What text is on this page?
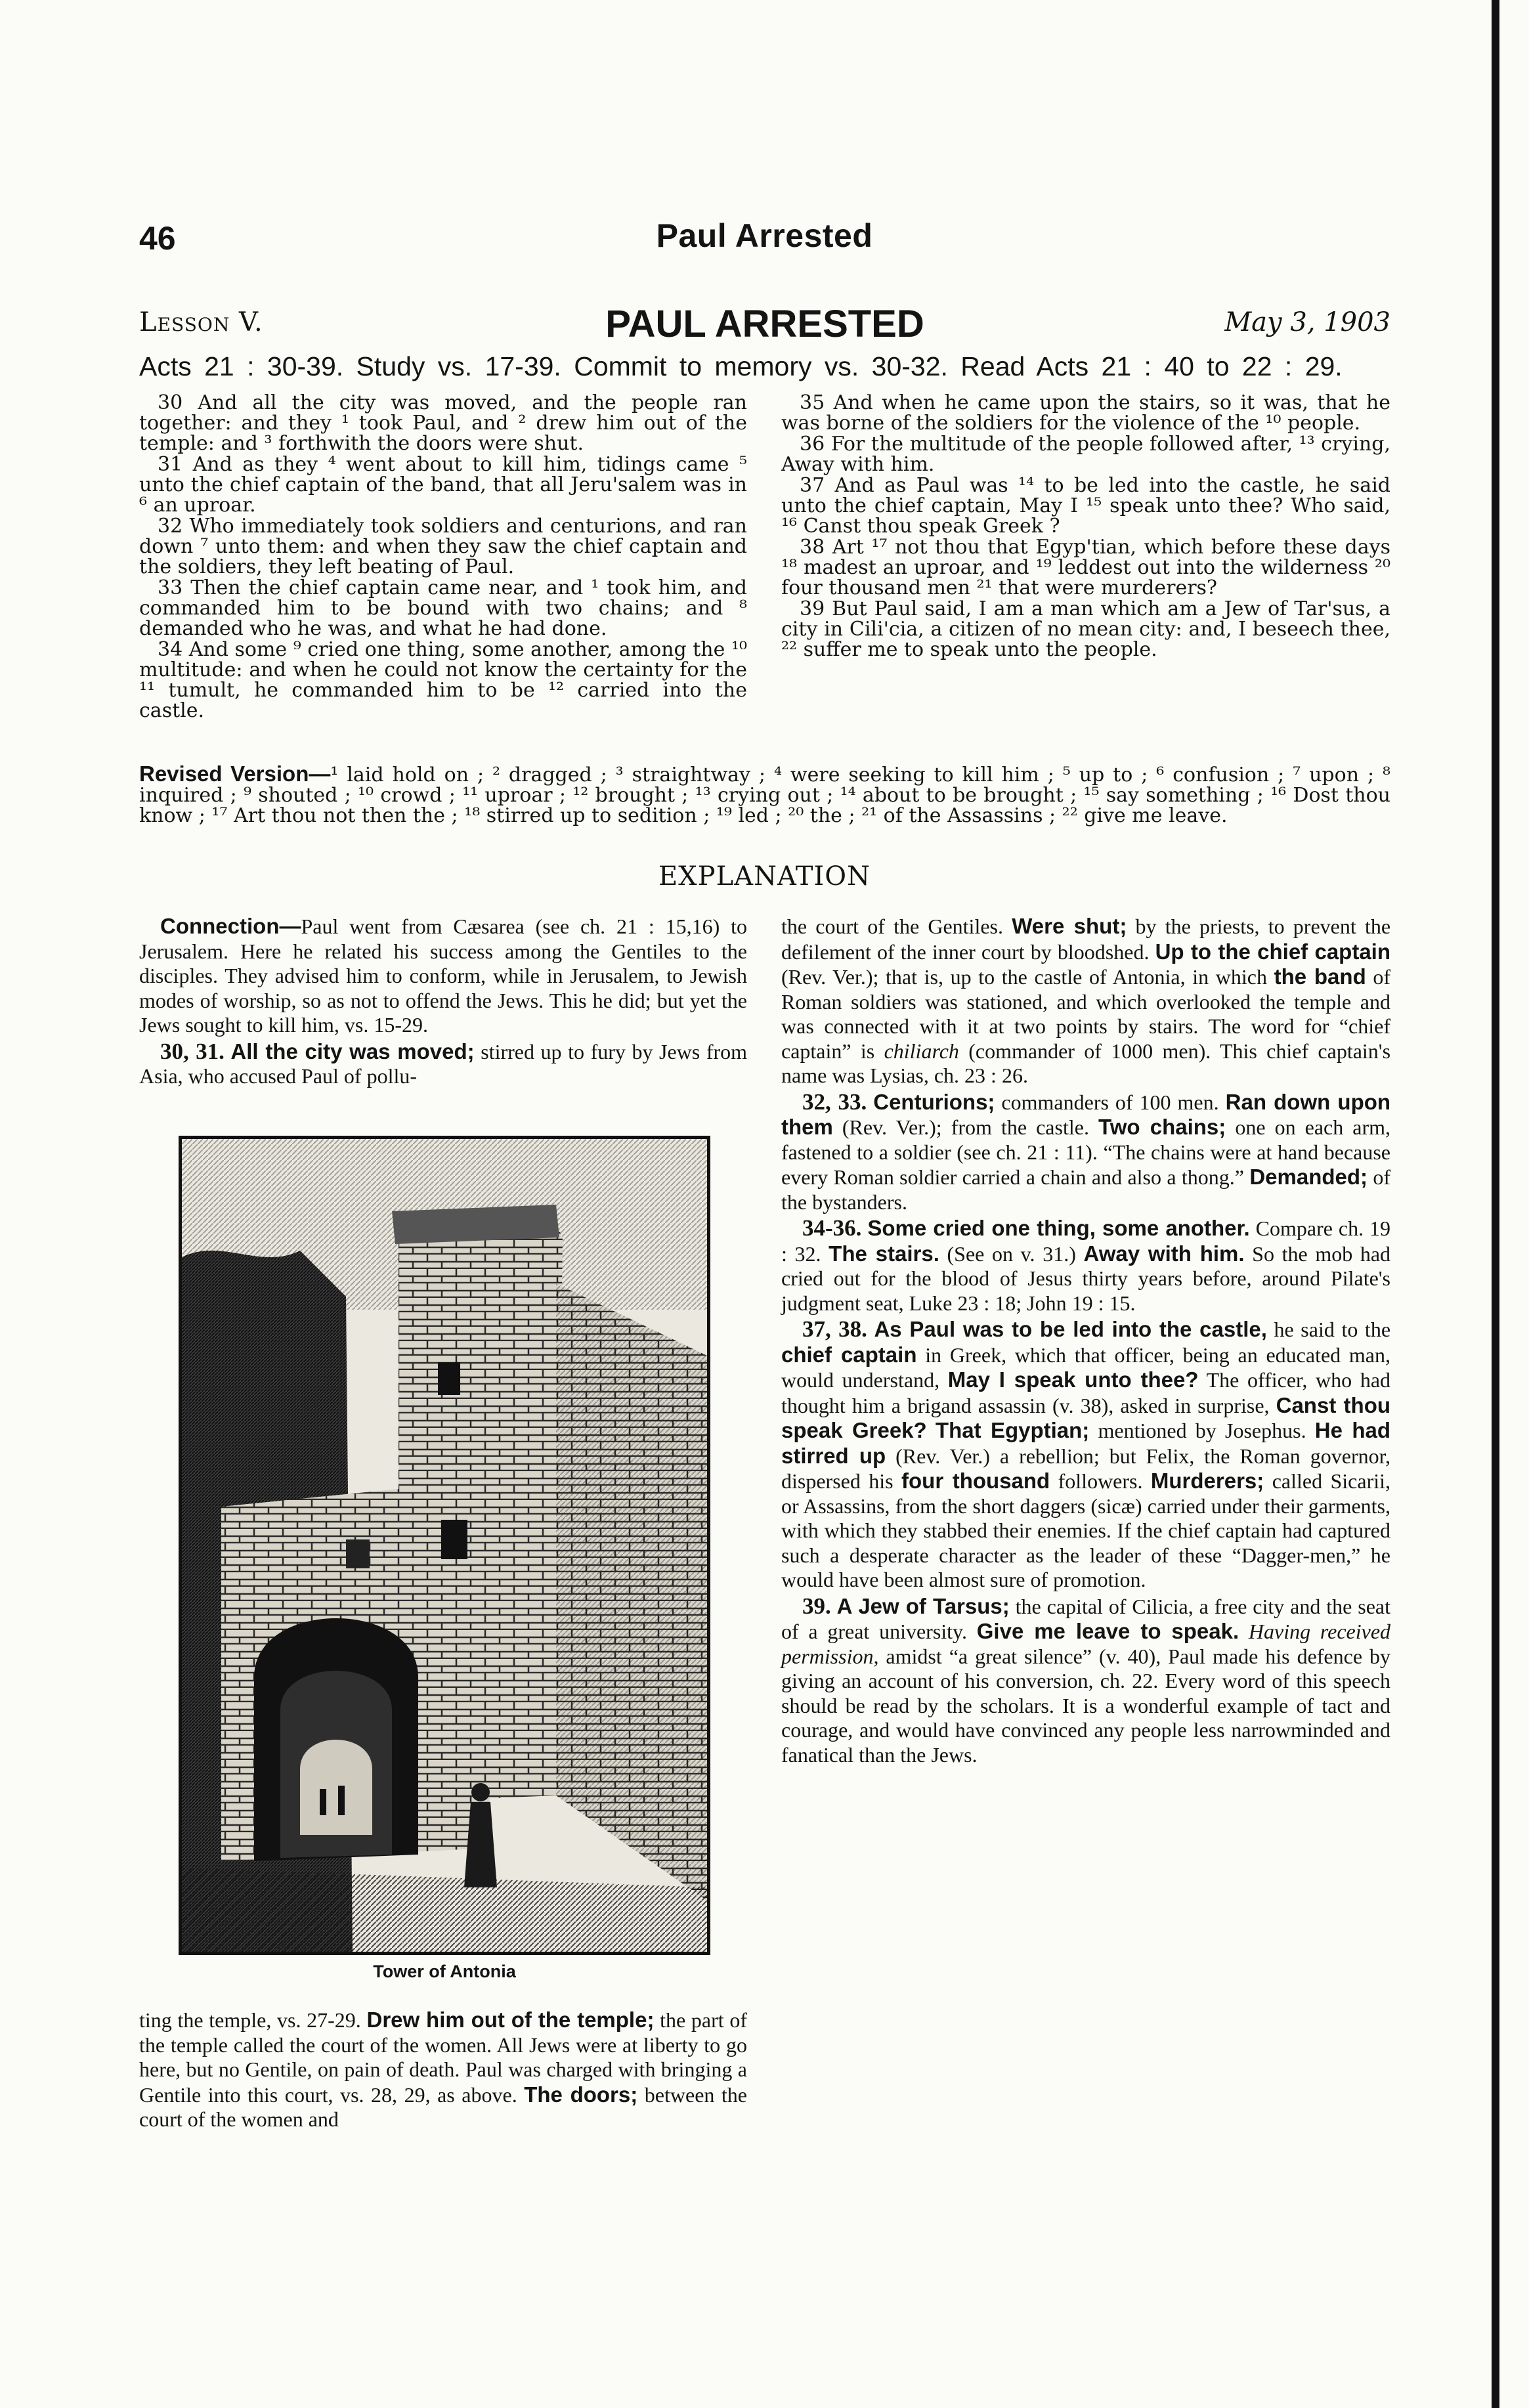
46	Paul Arrested
Lesson V.	PAUL ARRESTED	May 3, 1903
Acts 21 : 30-39. Study vs. 17-39. Commit to memory vs. 30-32. Read Acts 21 : 40 to 22 : 29.

30 And all the city was moved, and the people ran together: and they ¹ took Paul, and ² drew him out of the temple: and ³ forthwith the doors were shut.

31 And as they ⁴ went about to kill him, tidings came ⁵ unto the chief captain of the band, that all Jeru'salem was in ⁶ an uproar.

32 Who immediately took soldiers and centurions, and ran down ⁷ unto them: and when they saw the chief captain and the soldiers, they left beating of Paul.

33 Then the chief captain came near, and ¹ took him, and commanded him to be bound with two chains; and ⁸ demanded who he was, and what he had done.

34 And some ⁹ cried one thing, some another, among the ¹⁰ multitude: and when he could not know the certainty for the ¹¹ tumult, he commanded him to be ¹² carried into the castle.

35 And when he came upon the stairs, so it was, that he was borne of the soldiers for the violence of the ¹⁰ people.

36 For the multitude of the people followed after, ¹³ crying, Away with him.

37 And as Paul was ¹⁴ to be led into the castle, he said unto the chief captain, May I ¹⁵ speak unto thee? Who said, ¹⁶ Canst thou speak Greek ?

38 Art ¹⁷ not thou that Egyp'tian, which before these days ¹⁸ madest an uproar, and ¹⁹ leddest out into the wilderness ²⁰ four thousand men ²¹ that were murderers?

39 But Paul said, I am a man which am a Jew of Tar'sus, a city in Cili'cia, a citizen of no mean city: and, I beseech thee, ²² suffer me to speak unto the people.

Revised Version—¹ laid hold on ; ² dragged ; ³ straightway ; ⁴ were seeking to kill him ; ⁵ up to ; ⁶ confusion ; ⁷ upon ; ⁸ inquired ; ⁹ shouted ; ¹⁰ crowd ; ¹¹ uproar ; ¹² brought ; ¹³ crying out ; ¹⁴ about to be brought ; ¹⁵ say something ; ¹⁶ Dost thou know ; ¹⁷ Art thou not then the ; ¹⁸ stirred up to sedition ; ¹⁹ led ; ²⁰ the ; ²¹ of the Assassins ; ²² give me leave.
EXPLANATION

Connection—Paul went from Cæsarea (see ch. 21 : 15,16) to Jerusalem. Here he related his success among the Gentiles to the disciples. They advised him to conform, while in Jerusalem, to Jewish modes of worship, so as not to offend the Jews. This he did; but yet the Jews sought to kill him, vs. 15-29.

30, 31. All the city was moved; stirred up to fury by Jews from Asia, who accused Paul of pollu-

Tower of Antonia

ting the temple, vs. 27-29. Drew him out of the temple; the part of the temple called the court of the women. All Jews were at liberty to go here, but no Gentile, on pain of death. Paul was charged with bringing a Gentile into this court, vs. 28, 29, as above. The doors; between the court of the women and

the court of the Gentiles. Were shut; by the priests, to prevent the defilement of the inner court by bloodshed. Up to the chief captain (Rev. Ver.); that is, up to the castle of Antonia, in which the band of Roman soldiers was stationed, and which overlooked the temple and was connected with it at two points by stairs. The word for “chief captain” is chiliarch (commander of 1000 men). This chief captain's name was Lysias, ch. 23 : 26.

32, 33. Centurions; commanders of 100 men. Ran down upon them (Rev. Ver.); from the castle. Two chains; one on each arm, fastened to a soldier (see ch. 21 : 11). “The chains were at hand because every Roman soldier carried a chain and also a thong.” Demanded; of the bystanders.

34-36. Some cried one thing, some another. Compare ch. 19 : 32. The stairs. (See on v. 31.) Away with him. So the mob had cried out for the blood of Jesus thirty years before, around Pilate's judgment seat, Luke 23 : 18; John 19 : 15.

37, 38. As Paul was to be led into the castle, he said to the chief captain in Greek, which that officer, being an educated man, would understand, May I speak unto thee? The officer, who had thought him a brigand assassin (v. 38), asked in surprise, Canst thou speak Greek? That Egyptian; mentioned by Josephus. He had stirred up (Rev. Ver.) a rebellion; but Felix, the Roman governor, dispersed his four thousand followers. Murderers; called Sicarii, or Assassins, from the short daggers (sicæ) carried under their garments, with which they stabbed their enemies. If the chief captain had captured such a desperate character as the leader of these “Dagger-men,” he would have been almost sure of promotion.

39. A Jew of Tarsus; the capital of Cilicia, a free city and the seat of a great university. Give me leave to speak. Having received permission, amidst “a great silence” (v. 40), Paul made his defence by giving an account of his conversion, ch. 22. Every word of this speech should be read by the scholars. It is a wonderful example of tact and courage, and would have convinced any people less narrowminded and fanatical than the Jews.
